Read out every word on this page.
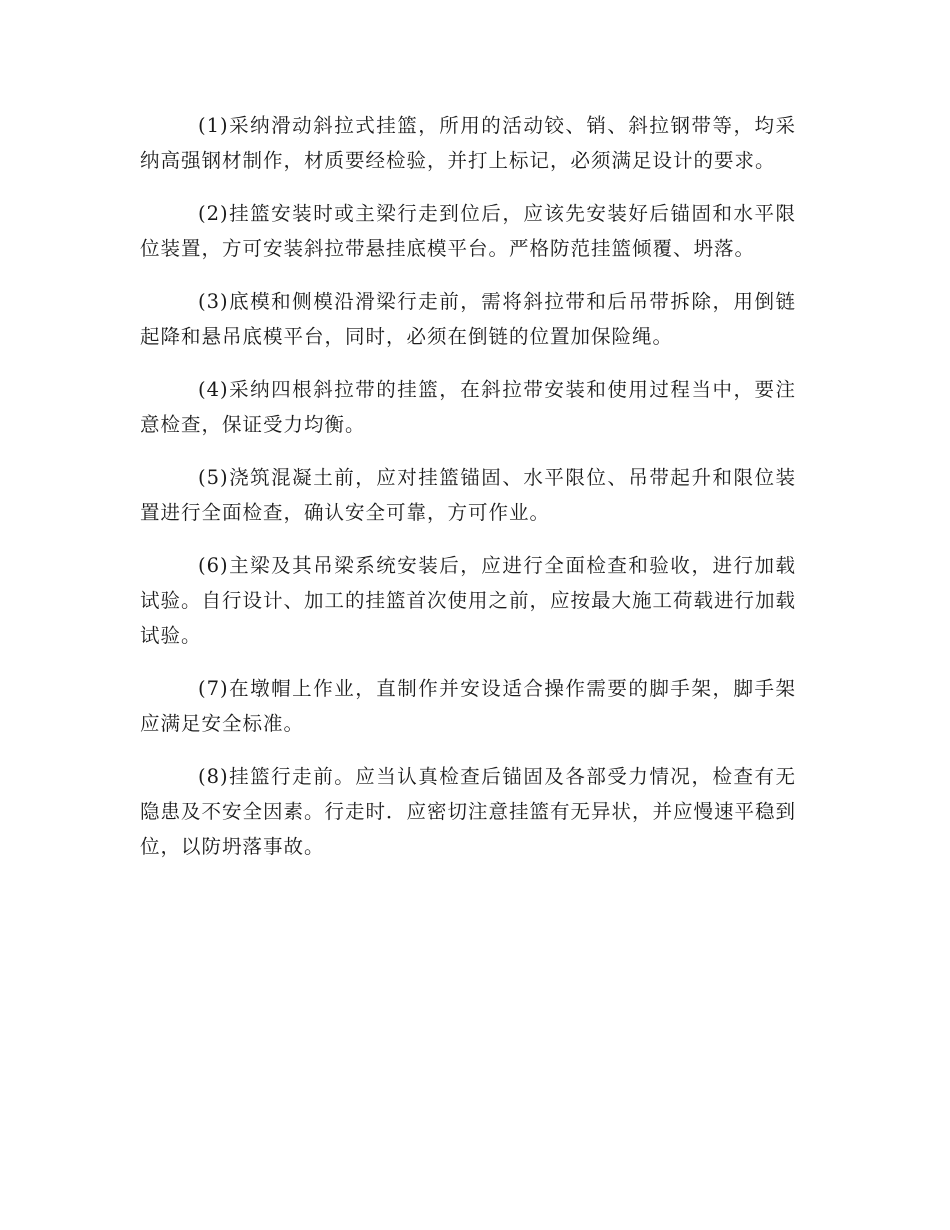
(1)采纳滑动斜拉式挂篮，所用的活动铰、销、斜拉钢带等，均采纳高强钢材制作，材质要经检验，并打上标记，必须满足设计的要求。

(2)挂篮安装时或主梁行走到位后，应该先安装好后锚固和水平限位装置，方可安装斜拉带悬挂底模平台。严格防范挂篮倾覆、坍落。

(3)底模和侧模沿滑梁行走前，需将斜拉带和后吊带拆除，用倒链起降和悬吊底模平台，同时，必须在倒链的位置加保险绳。

(4)采纳四根斜拉带的挂篮，在斜拉带安装和使用过程当中，要注意检查，保证受力均衡。

(5)浇筑混凝土前，应对挂篮锚固、水平限位、吊带起升和限位装置进行全面检查，确认安全可靠，方可作业。

(6)主梁及其吊梁系统安装后，应进行全面检查和验收，进行加载试验。自行设计、加工的挂篮首次使用之前，应按最大施工荷载进行加载试验。

(7)在墩帽上作业，直制作并安设适合操作需要的脚手架，脚手架应满足安全标准。

(8)挂篮行走前。应当认真检查后锚固及各部受力情况，检查有无隐患及不安全因素。行走时．应密切注意挂篮有无异状，并应慢速平稳到位，以防坍落事故。
